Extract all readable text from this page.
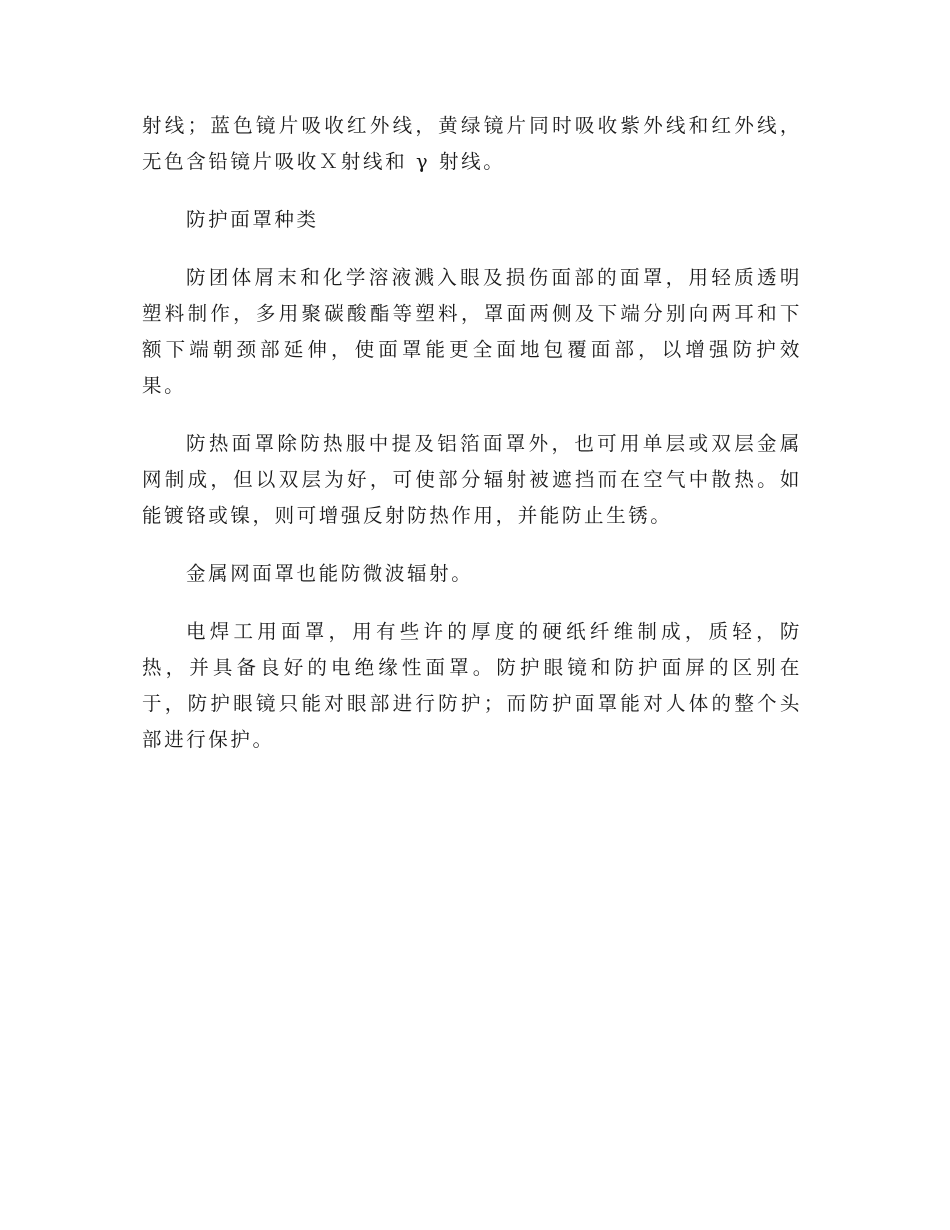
射线；蓝色镜片吸收红外线，黄绿镜片同时吸收紫外线和红外线，无色含铅镜片吸收Ｘ射线和 γ 射线。

防护面罩种类

防团体屑末和化学溶液溅入眼及损伤面部的面罩，用轻质透明塑料制作，多用聚碳酸酯等塑料，罩面两侧及下端分别向两耳和下额下端朝颈部延伸，使面罩能更全面地包覆面部，以增强防护效果。

防热面罩除防热服中提及铝箔面罩外，也可用单层或双层金属网制成，但以双层为好，可使部分辐射被遮挡而在空气中散热。如能镀铬或镍，则可增强反射防热作用，并能防止生锈。

金属网面罩也能防微波辐射。

电焊工用面罩，用有些许的厚度的硬纸纤维制成，质轻，防热，并具备良好的电绝缘性面罩。防护眼镜和防护面屏的区别在于，防护眼镜只能对眼部进行防护；而防护面罩能对人体的整个头部进行保护。
